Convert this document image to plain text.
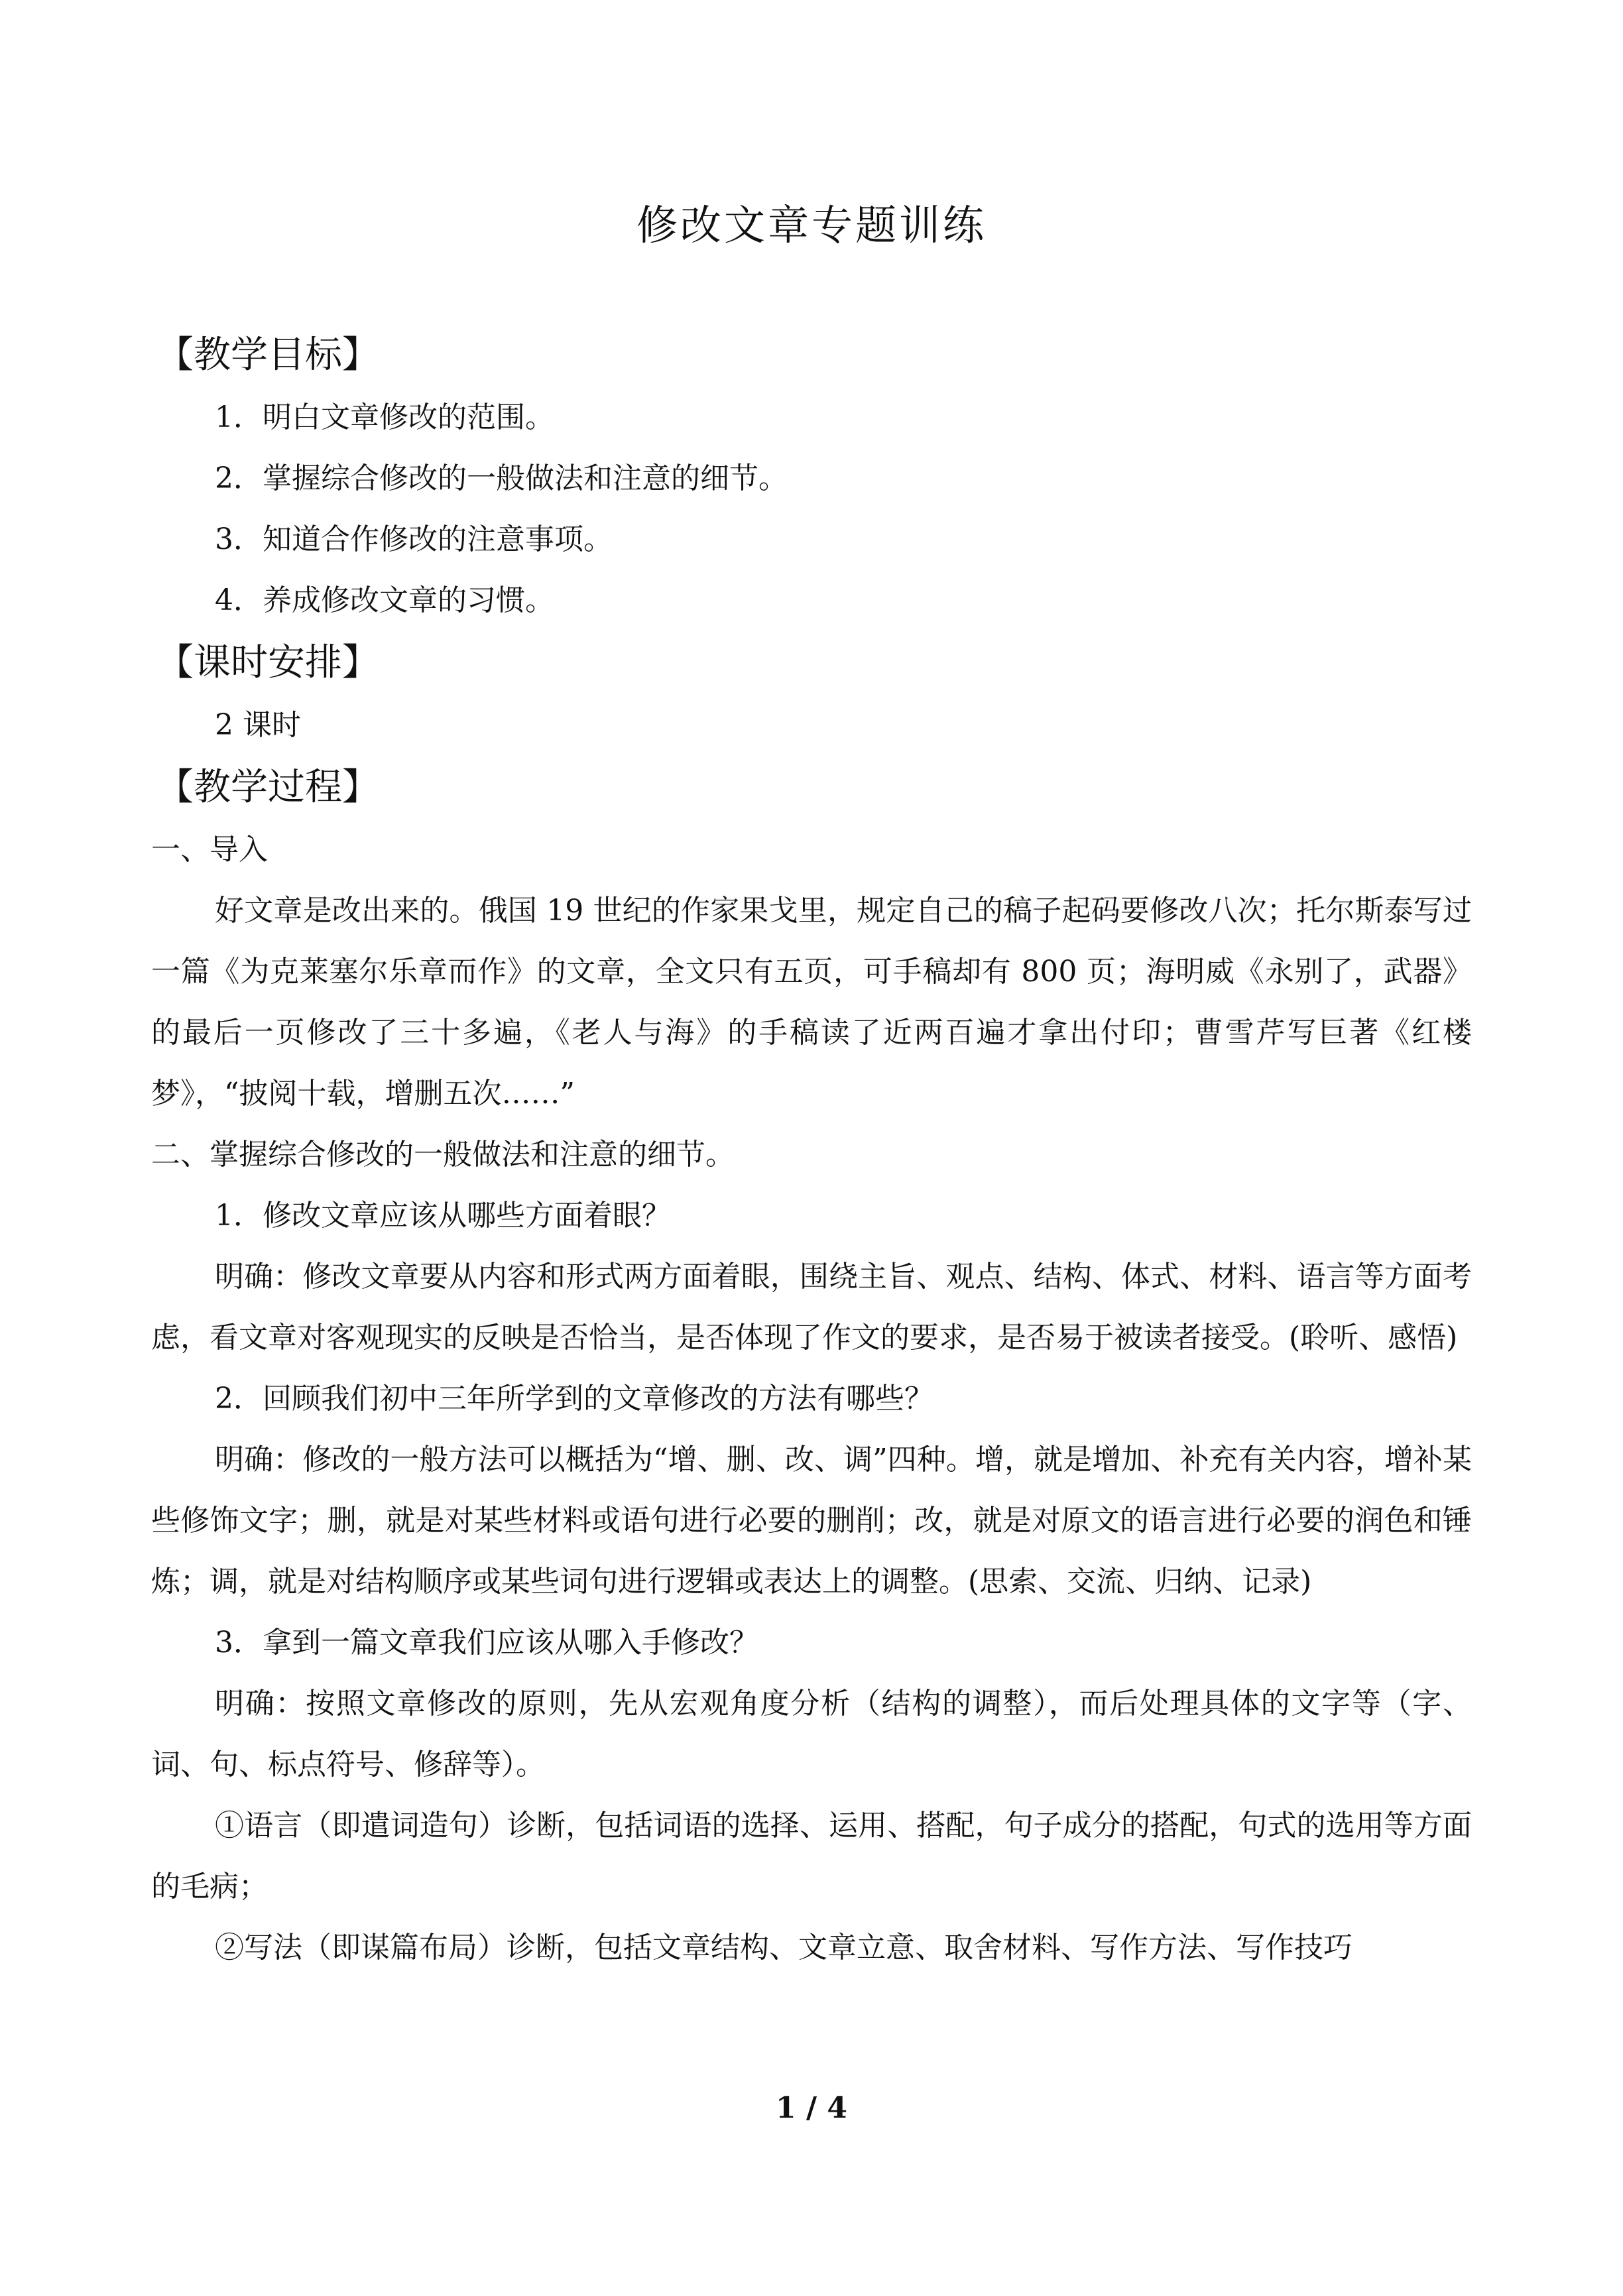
修改文章专题训练
【教学目标】
1．明白文章修改的范围。
2．掌握综合修改的一般做法和注意的细节。
3．知道合作修改的注意事项。
4．养成修改文章的习惯。
【课时安排】
2 课时
【教学过程】
一、导入

好文章是改出来的。俄国 19 世纪的作家果戈里，规定自己的稿子起码要修改八次；托尔斯泰写过一篇《为克莱塞尔乐章而作》的文章，全文只有五页，可手稿却有 800 页；海明威《永别了，武器》的最后一页修改了三十多遍，《老人与海》的手稿读了近两百遍才拿出付印；曹雪芹写巨著《红楼梦》，“披阅十载，增删五次……”

二、掌握综合修改的一般做法和注意的细节。
1．修改文章应该从哪些方面着眼？

明确：修改文章要从内容和形式两方面着眼，围绕主旨、观点、结构、体式、材料、语言等方面考虑，看文章对客观现实的反映是否恰当，是否体现了作文的要求，是否易于被读者接受。(聆听、感悟)

2．回顾我们初中三年所学到的文章修改的方法有哪些？

明确：修改的一般方法可以概括为“增、删、改、调”四种。增，就是增加、补充有关内容，增补某些修饰文字；删，就是对某些材料或语句进行必要的删削；改，就是对原文的语言进行必要的润色和锤炼；调，就是对结构顺序或某些词句进行逻辑或表达上的调整。(思索、交流、归纳、记录)

3．拿到一篇文章我们应该从哪入手修改？

明确：按照文章修改的原则，先从宏观角度分析（结构的调整），而后处理具体的文字等（字、词、句、标点符号、修辞等）。

①语言（即遣词造句）诊断，包括词语的选择、运用、搭配，句子成分的搭配，句式的选用等方面的毛病；

②写法（即谋篇布局）诊断，包括文章结构、文章立意、取舍材料、写作方法、写作技巧

1 / 4
